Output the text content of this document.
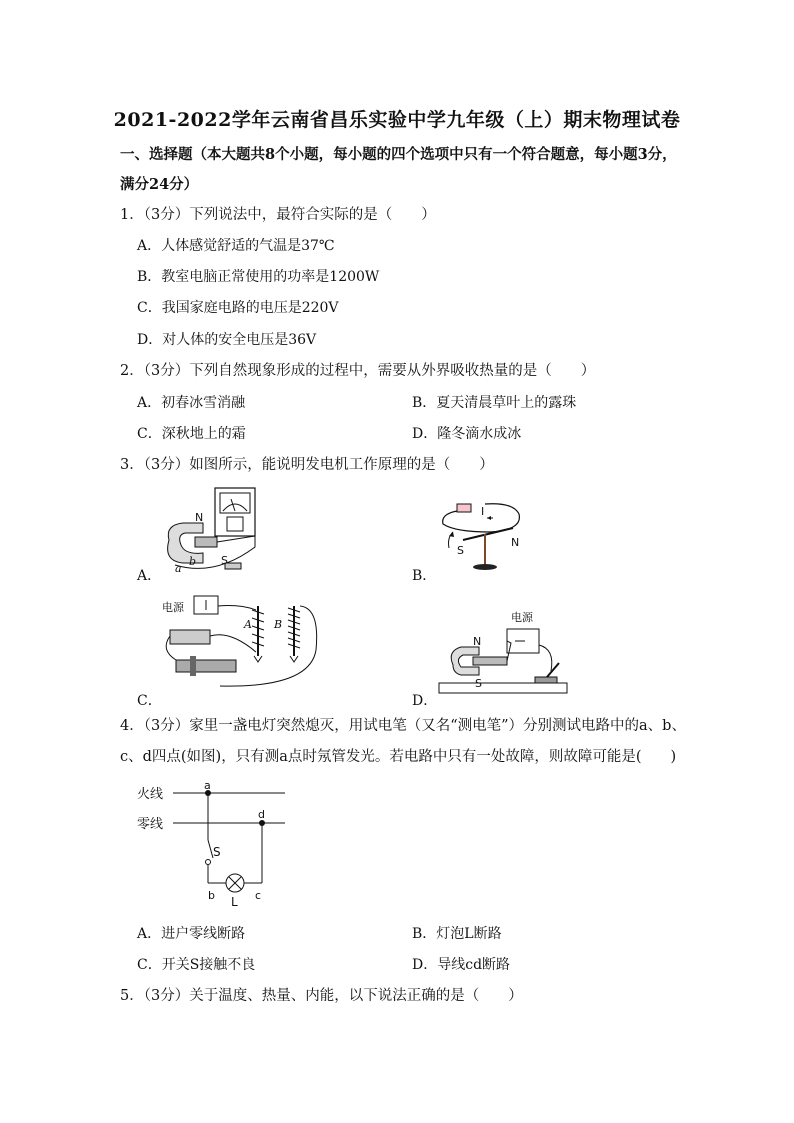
2021-2022学年云南省昌乐实验中学九年级（上）期末物理试卷
一、选择题（本大题共8个小题，每小题的四个选项中只有一个符合题意，每小题3分，
满分24分）
1．（3分）下列说法中，最符合实际的是（　　）
A．人体感觉舒适的气温是37℃
B．教室电脑正常使用的功率是1200W
C．我国家庭电路的电压是220V
D．对人体的安全电压是36V
2．（3分）下列自然现象形成的过程中，需要从外界吸收热量的是（　　）
A．初春冰雪消融	B．夏天清晨草叶上的露珠
C．深秋地上的霜	D．隆冬滴水成冰
3．（3分）如图所示，能说明发电机工作原理的是（　　）
N
S
a
b
A．
I
S
N
B．
电源
A B
C．
电源
N
S
D．
4．（3分）家里一盏电灯突然熄灭，用试电笔（又名“测电笔”）分别测试电路中的a、b、
c、d四点(如图)，只有测a点时氖管发光。若电路中只有一处故障，则故障可能是(　　)
火线
零线
a
d
S
b L c
A．进户零线断路	B．灯泡L断路
C．开关S接触不良	D．导线cd断路
5．（3分）关于温度、热量、内能，以下说法正确的是（　　）
